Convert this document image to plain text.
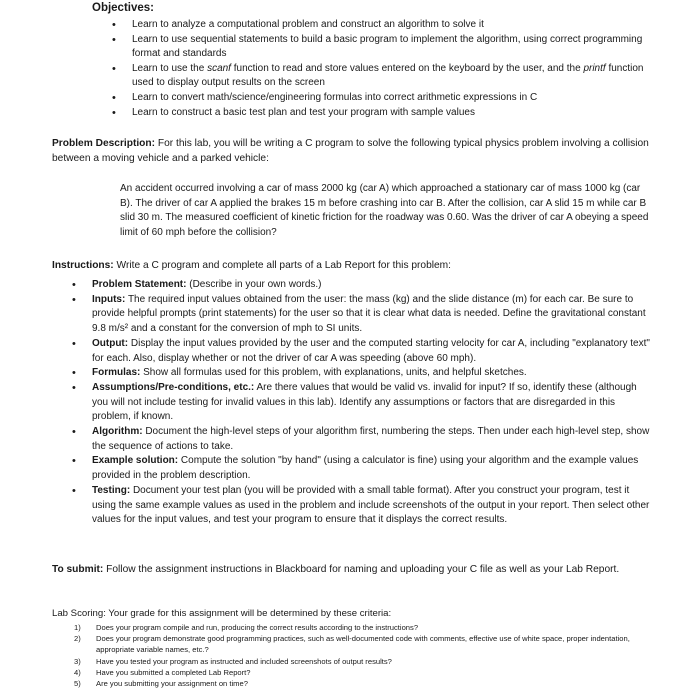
Objectives:
• Learn to analyze a computational problem and construct an algorithm to solve it
• Learn to use sequential statements to build a basic program to implement the algorithm, using correct programming format and standards
• Learn to use the scanf function to read and store values entered on the keyboard by the user, and the printf function used to display output results on the screen
• Learn to convert math/science/engineering formulas into correct arithmetic expressions in C
• Learn to construct a basic test plan and test your program with sample values
Problem Description: For this lab, you will be writing a C program to solve the following typical physics problem involving a collision between a moving vehicle and a parked vehicle:
An accident occurred involving a car of mass 2000 kg (car A) which approached a stationary car of mass 1000 kg (car B). The driver of car A applied the brakes 15 m before crashing into car B. After the collision, car A slid 15 m while car B slid 30 m. The measured coefficient of kinetic friction for the roadway was 0.60. Was the driver of car A obeying a speed limit of 60 mph before the collision?
Instructions: Write a C program and complete all parts of a Lab Report for this problem:
• Problem Statement: (Describe in your own words.)
• Inputs: The required input values obtained from the user: the mass (kg) and the slide distance (m) for each car. Be sure to provide helpful prompts (print statements) for the user so that it is clear what data is needed. Define the gravitational constant 9.8 m/s² and a constant for the conversion of mph to SI units.
• Output: Display the input values provided by the user and the computed starting velocity for car A, including "explanatory text" for each. Also, display whether or not the driver of car A was speeding (above 60 mph).
• Formulas: Show all formulas used for this problem, with explanations, units, and helpful sketches.
• Assumptions/Pre-conditions, etc.: Are there values that would be valid vs. invalid for input? If so, identify these (although you will not include testing for invalid values in this lab). Identify any assumptions or factors that are disregarded in this problem, if known.
• Algorithm: Document the high-level steps of your algorithm first, numbering the steps. Then under each high-level step, show the sequence of actions to take.
• Example solution: Compute the solution "by hand" (using a calculator is fine) using your algorithm and the example values provided in the problem description.
• Testing: Document your test plan (you will be provided with a small table format). After you construct your program, test it using the same example values as used in the problem and include screenshots of the output in your report. Then select other values for the input values, and test your program to ensure that it displays the correct results.
To submit: Follow the assignment instructions in Blackboard for naming and uploading your C file as well as your Lab Report.
Lab Scoring: Your grade for this assignment will be determined by these criteria:
1) Does your program compile and run, producing the correct results according to the instructions?
2) Does your program demonstrate good programming practices, such as well-documented code with comments, effective use of white space, proper indentation, appropriate variable names, etc.?
3) Have you tested your program as instructed and included screenshots of output results?
4) Have you submitted a completed Lab Report?
5) Are you submitting your assignment on time?
